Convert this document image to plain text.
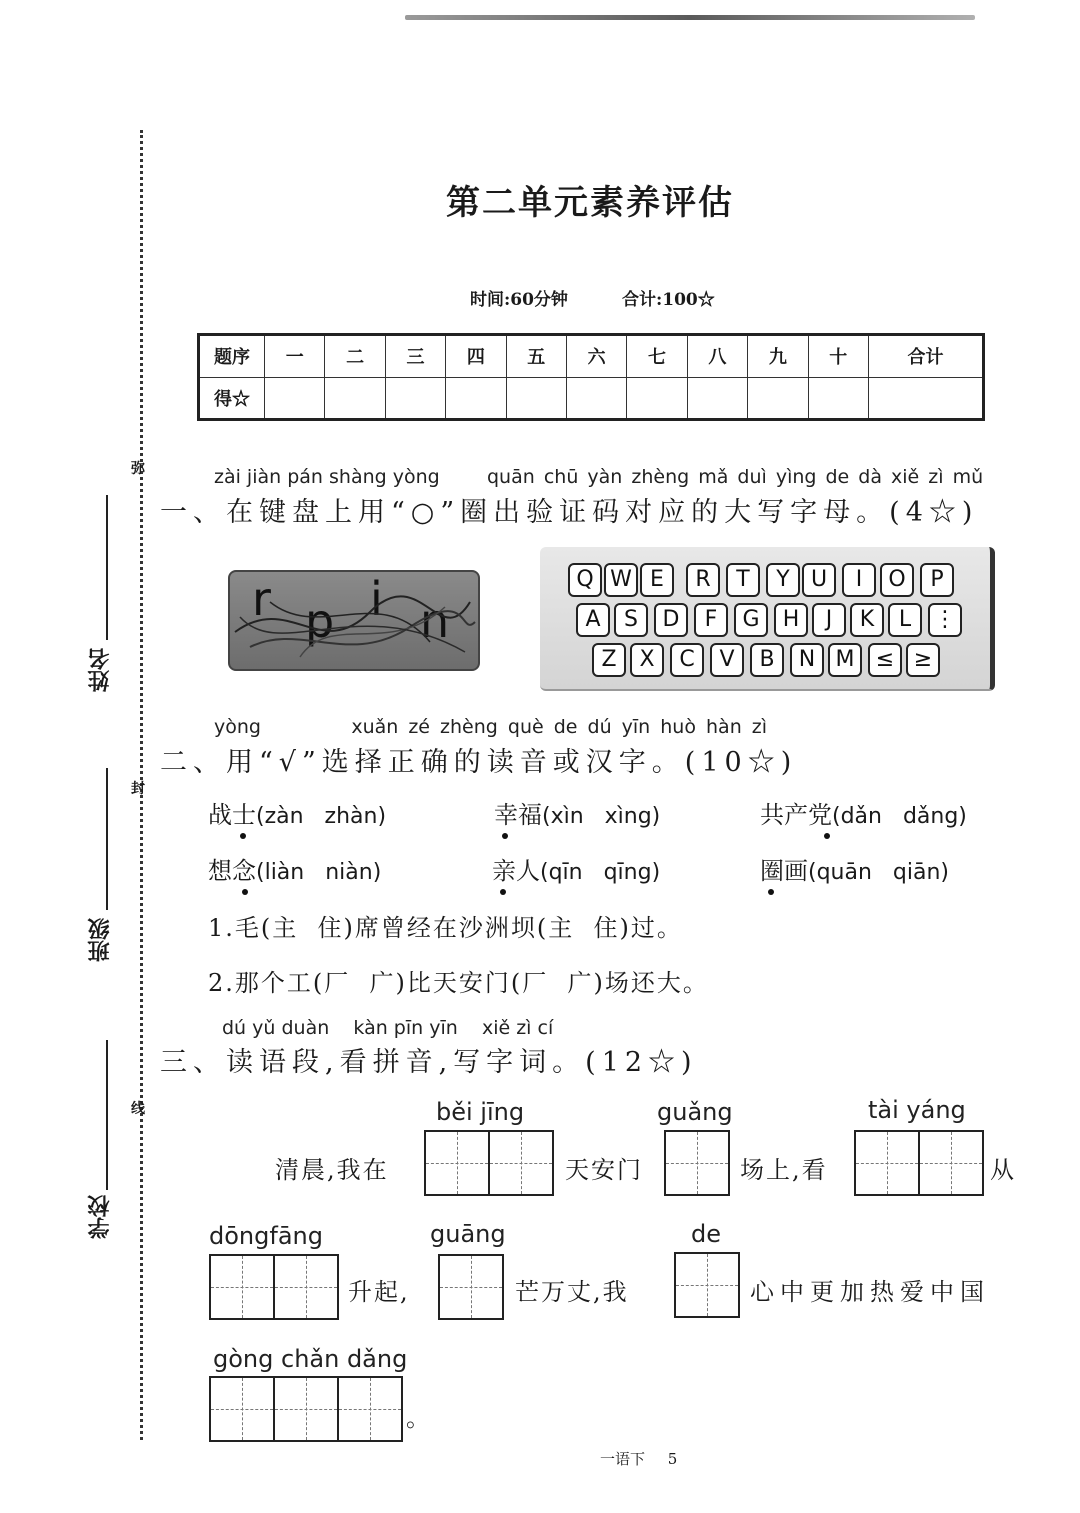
弥
封
线
姓名
班级
学校
第二单元素养评估
时间:60分钟	合计:100☆
题序	一	二	三	四	五	六	七	八	九	十	合计
得☆											
zài jiàn pán shàng yòng quān chū yàn zhèng mǎ duì yìng de dà xiě zì mǔ
一、在键盘上用“○”圈出验证码对应的大写字母。(4☆)
r p i n
Q W E	R	T	Y U	I	O	P
A	S	D	F	G	H	J	K	L	⋮
Z	X	C	V	B	N M ≤ ≥
yòng         xuǎn zé zhèng què de dú yīn huò hàn zì
二、用“√”选择正确的读音或汉字。(10☆)
战士(zàn   zhàn)	幸福(xìn   xìng)	共产党(dǎn   dǎng)
想念(liàn   niàn)	亲人(qīn   qīng)	圈画(quān   qiān)
1.毛(主  住)席曾经在沙洲坝(主  住)过。
2.那个工(厂  广)比天安门(厂  广)场还大。
dú yǔ duàn    kàn pīn yīn    xiě zì cí
三、读语段,看拼音,写字词。(12☆)
běi jīng	guǎng	tài yáng
清晨,我在	天安门	场上,看	从
dōngfāng	guāng	de
升起,	芒万丈,我	心中更加热爱中国
gòng chǎn dǎng
。
一语下 5
